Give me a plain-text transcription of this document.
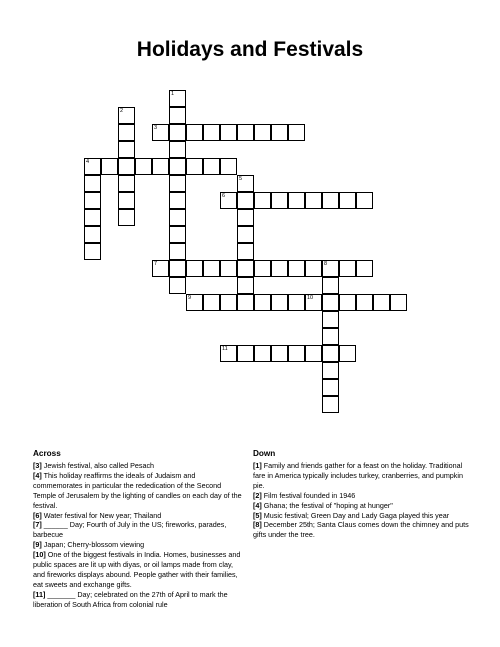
Holidays and Festivals
3
4
6
7	8
9	10
11
1
2
5
Across

[3] Jewish festival, also called Pesach

[4] This holiday reaffirms the ideals of Judaism and commemorates in particular the rededication of the Second Temple of Jerusalem by the lighting of candles on each day of the festival.

[6] Water festival for New year; Thailand

[7] ______ Day; Fourth of July in the US; fireworks, parades, barbecue

[9] Japan; Cherry-blossom viewing

[10] One of the biggest festivals in India. Homes, businesses and public spaces are lit up with diyas, or oil lamps made from clay, and fireworks displays abound. People gather with their families, eat sweets and exchange gifts.

[11] _______ Day; celebrated on the 27th of April to mark the liberation of South Africa from colonial rule

Down

[1] Family and friends gather for a feast on the holiday. Traditional fare in America typically includes turkey, cranberries, and pumpkin pie.

[2] Film festival founded in 1946

[4] Ghana; the festival of "hoping at hunger"

[5] Music festival; Green Day and Lady Gaga played this year

[8] December 25th; Santa Claus comes down the chimney and puts gifts under the tree.
